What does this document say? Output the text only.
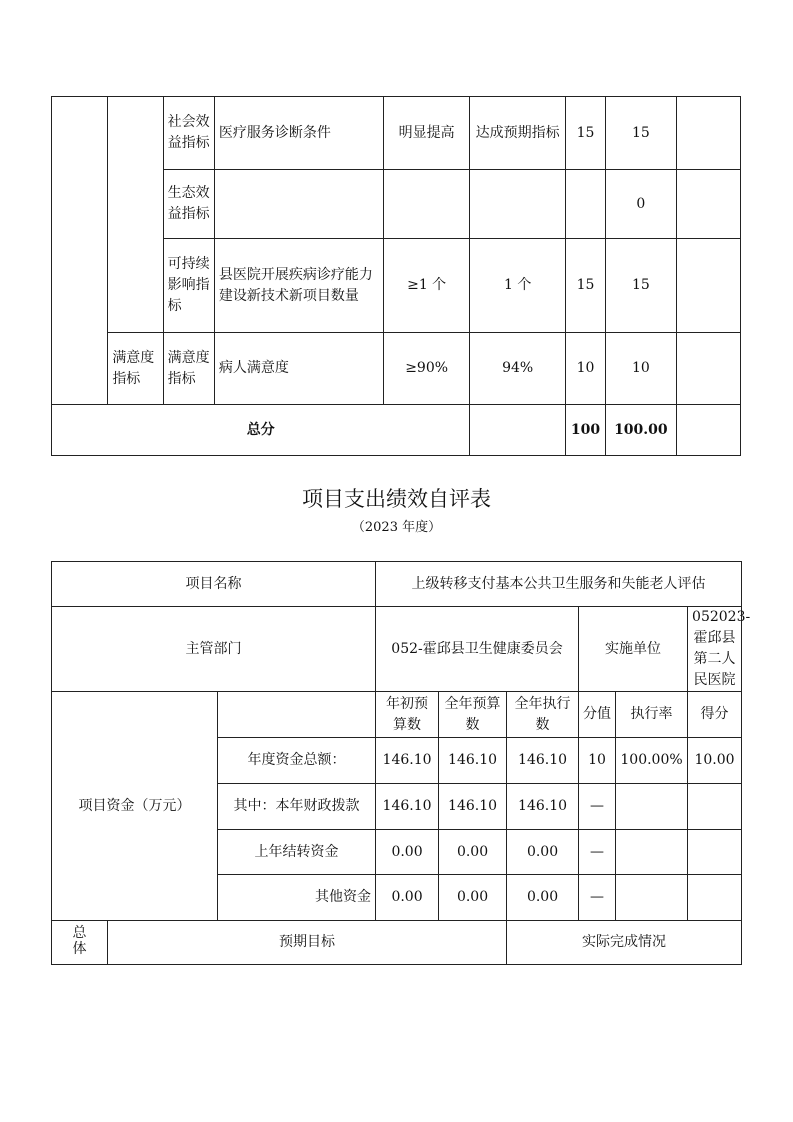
		社会效益指标	医疗服务诊断条件	明显提高	达成预期指标	15	15	
		生态效益指标					0	
		可持续影响指标	县医院开展疾病诊疗能力建设新技术新项目数量	≥1 个	1 个	15	15	
	满意度指标	满意度指标	病人满意度	≥90%	94%	10	10	
总分						100	100.00	
项目支出绩效自评表
（2023 年度）
项目名称			上级转移支付基本公共卫生服务和失能老人评估					
主管部门			052-霍邱县卫生健康委员会			实施单位		052023-霍邱县第二人民医院
项目资金（万元）			年初预算数	全年预算数	全年执行数	分值	执行率	得分
		年度资金总额：	146.10	146.10	146.10	10	100.00%	10.00
		其中：本年财政拨款	146.10	146.10	146.10	—		
		上年结转资金	0.00	0.00	0.00	—		
		其他资金	0.00	0.00	0.00	—		
总体	预期目标				实际完成情况			
